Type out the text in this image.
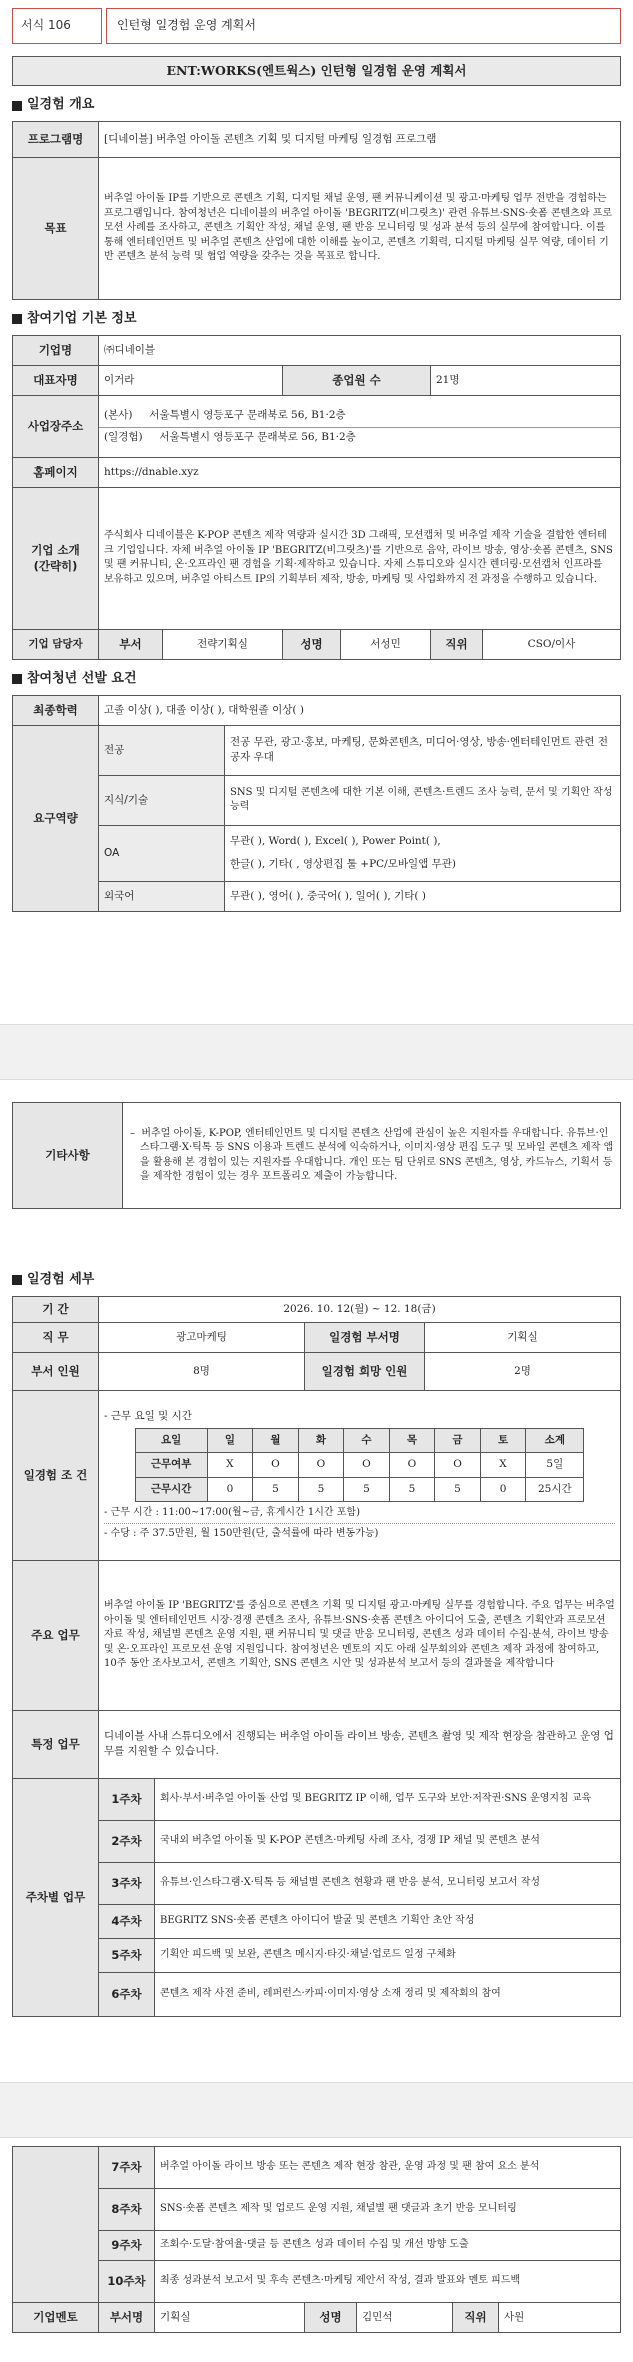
서식 106	인턴형 일경험 운영 계획서
ENT:WORKS(엔트웍스) 인턴형 일경험 운영 계획서
일경험 개요
프로그램명	[디네이블] 버추얼 아이돌 콘텐츠 기획 및 디지털 마케팅 일경험 프로그램
목표	버추얼 아이돌 IP를 기반으로 콘텐츠 기획, 디지털 채널 운영, 팬 커뮤니케이션 및 광고·마케팅 업무 전반을 경험하는 프로그램입니다. 참여청년은 디네이블의 버추얼 아이돌 'BEGRITZ(비그릿츠)' 관련 유튜브·SNS·숏폼 콘텐츠와 프로모션 사례를 조사하고, 콘텐츠 기획안 작성, 채널 운영, 팬 반응 모니터링 및 성과 분석 등의 실무에 참여합니다. 이를 통해 엔터테인먼트 및 버추얼 콘텐츠 산업에 대한 이해를 높이고, 콘텐츠 기획력, 디지털 마케팅 실무 역량, 데이터 기반 콘텐츠 분석 능력 및 협업 역량을 갖추는 것을 목표로 합니다.
참여기업 기본 정보
기업명	㈜디네이블					
대표자명	이거라		종업원 수		21명	
사업장주소	(본사) 서울특별시 영등포구 문래북로 56, B1·2층
(일경험) 서울특별시 영등포구 문래북로 56, B1·2층					

홈페이지	https://dnable.xyz					

기업 소개
(간략히)	주식회사 디네이블은 K-POP 콘텐츠 제작 역량과 실시간 3D 그래픽, 모션캡처 및 버추얼 제작 기술을 결합한 엔터테크 기업입니다. 자체 버추얼 아이돌 IP 'BEGRITZ(비그릿츠)'를 기반으로 음악, 라이브 방송, 영상·숏폼 콘텐츠, SNS 및 팬 커뮤니티, 온·오프라인 팬 경험을 기획·제작하고 있습니다. 자체 스튜디오와 실시간 렌더링·모션캡처 인프라를 보유하고 있으며, 버추얼 아티스트 IP의 기획부터 제작, 방송, 마케팅 및 사업화까지 전 과정을 수행하고 있습니다.					
기업 담당자	부서	전략기획실	성명	서성민	직위	CSO/이사
참여청년 선발 요건
최종학력	고졸 이상( ), 대졸 이상( ), 대학원졸 이상( )	
요구역량	전공	전공 무관, 광고·홍보, 마케팅, 문화콘텐츠, 미디어·영상, 방송·엔터테인먼트 관련 전공자 우대
	지식/기술	SNS 및 디지털 콘텐츠에 대한 기본 이해, 콘텐츠·트렌드 조사 능력, 문서 및 기획안 작성 능력
	OA	무관( ), Word( ), Excel( ), Power Point( ),
한글( ), 기타( , 영상편집 툴 +PC/모바일앱 무관)

	외국어	무관( ), 영어( ), 중국어( ), 일어( ), 기타( )
기타사항	
–  버추얼 아이돌, K-POP, 엔터테인먼트 및 디지털 콘텐츠 산업에 관심이 높은 지원자를 우대합니다. 유튜브·인스타그램·X·틱톡 등 SNS 이용과 트렌드 분석에 익숙하거나, 이미지·영상 편집 도구 및 모바일 콘텐츠 제작 앱을 활용해 본 경험이 있는 지원자를 우대합니다. 개인 또는 팀 단위로 SNS 콘텐츠, 영상, 카드뉴스, 기획서 등을 제작한 경험이 있는 경우 포트폴리오 제출이 가능합니다.
일경험 세부
기 간	2026. 10. 12(월) ~ 12. 18(금)
직 무	광고마케팅	일경험 부서명	기획실
부서 인원	8명	일경험 희망 인원	2명
일경험 조 건	
- 근무 요일 및 시간
요일	일	월	화	수	목	금	토	소계
근무여부	X	O	O	O	O	O	X	5일
근무시간	0	5	5	5	5	5	0	25시간
- 근무 시간 : 11:00~17:00(월~금, 휴게시간 1시간 포함)
- 수당 : 주 37.5만원, 월 150만원(단, 출석률에 따라 변동가능)

주요 업무	버추얼 아이돌 IP 'BEGRITZ'를 중심으로 콘텐츠 기획 및 디지털 광고·마케팅 실무를 경험합니다. 주요 업무는 버추얼 아이돌 및 엔터테인먼트 시장·경쟁 콘텐츠 조사, 유튜브·SNS·숏폼 콘텐츠 아이디어 도출, 콘텐츠 기획안과 프로모션 자료 작성, 채널별 콘텐츠 운영 지원, 팬 커뮤니티 및 댓글 반응 모니터링, 콘텐츠 성과 데이터 수집·분석, 라이브 방송 및 온·오프라인 프로모션 운영 지원입니다. 참여청년은 멘토의 지도 아래 실무회의와 콘텐츠 제작 과정에 참여하고, 10주 동안 조사보고서, 콘텐츠 기획안, SNS 콘텐츠 시안 및 성과분석 보고서 등의 결과물을 제작합니다
특정 업무	디네이블 사내 스튜디오에서 진행되는 버추얼 아이돌 라이브 방송, 콘텐츠 촬영 및 제작 현장을 참관하고 운영 업무를 지원할 수 있습니다.
주차별 업무	1주차	회사·부서·버추얼 아이돌 산업 및 BEGRITZ IP 이해, 업무 도구와 보안·저작권·SNS 운영지침 교육
2주차	국내외 버추얼 아이돌 및 K-POP 콘텐츠·마케팅 사례 조사, 경쟁 IP 채널 및 콘텐츠 분석
3주차	유튜브·인스타그램·X·틱톡 등 채널별 콘텐츠 현황과 팬 반응 분석, 모니터링 보고서 작성
4주차	BEGRITZ SNS·숏폼 콘텐츠 아이디어 발굴 및 콘텐츠 기획안 초안 작성
5주차	기획안 피드백 및 보완, 콘텐츠 메시지·타깃·채널·업로드 일정 구체화
6주차	콘텐츠 제작 사전 준비, 레퍼런스·카피·이미지·영상 소재 정리 및 제작회의 참여
	7주차	버추얼 아이돌 라이브 방송 또는 콘텐츠 제작 현장 참관, 운영 과정 및 팬 참여 요소 분석				
	8주차	SNS·숏폼 콘텐츠 제작 및 업로드 운영 지원, 채널별 팬 댓글과 초기 반응 모니터링				
	9주차	조회수·도달·참여율·댓글 등 콘텐츠 성과 데이터 수집 및 개선 방향 도출				
	10주차	최종 성과분석 보고서 및 후속 콘텐츠·마케팅 제안서 작성, 결과 발표와 멘토 피드백				
기업멘토	부서명	기획실	성명	김민석	직위	사원
